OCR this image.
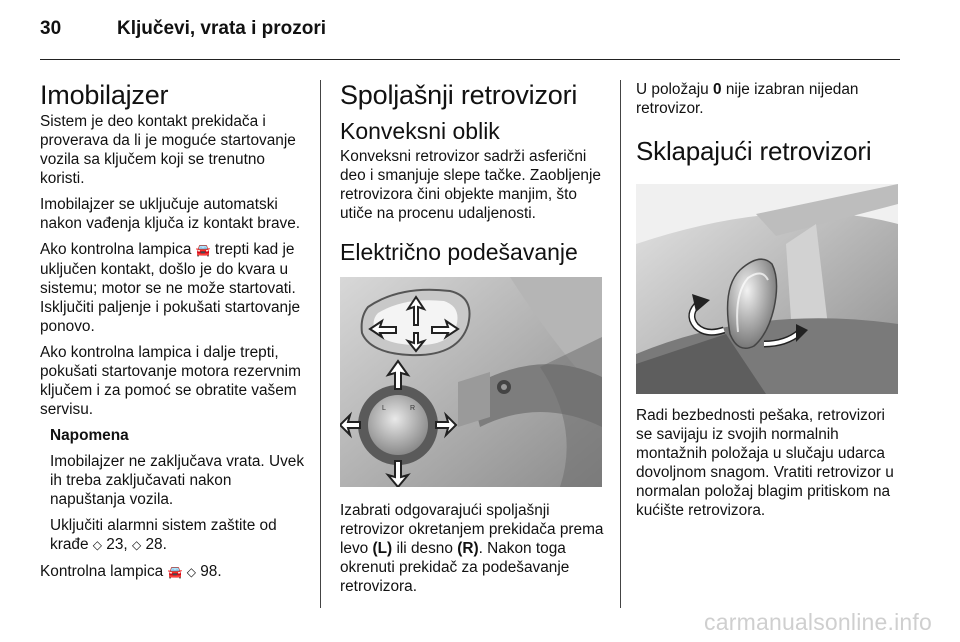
30	Ključevi, vrata i prozori
Imobilajzer

Sistem je deo kontakt prekidača i proverava da li je moguće startovanje vozila sa ključem koji se trenutno koristi.

Imobilajzer se uključuje automatski nakon vađenja ključa iz kontakt brave.

Ako kontrolna lampica 🚘 trepti kad je uključen kontakt, došlo je do kvara u sistemu; motor se ne može startovati. Isključiti paljenje i pokušati startovanje ponovo.

Ako kontrolna lampica i dalje trepti, pokušati startovanje motora rezervnim ključem i za pomoć se obratite vašem servisu.

Napomena

Imobilajzer ne zaključava vrata. Uvek ih treba zaključavati nakon napuštanja vozila.

Uključiti alarmni sistem zaštite od krađe ◇ 23, ◇ 28.

Kontrolna lampica 🚘 ◇ 98.

Spoljašnji retrovizori
Konveksni oblik

Konveksni retrovizor sadrži asferični deo i smanjuje slepe tačke. Zaobljenje retrovizora čini objekte manjim, što utiče na procenu udaljenosti.

Električno podešavanje
L	R

Izabrati odgovarajući spoljašnji retrovizor okretanjem prekidača prema levo (L) ili desno (R). Nakon toga okrenuti prekidač za podešavanje retrovizora.

U položaju 0 nije izabran nijedan retrovizor.

Sklapajući retrovizori

Radi bezbednosti pešaka, retrovizori se savijaju iz svojih normalnih montažnih položaja u slučaju udarca dovoljnom snagom. Vratiti retrovizor u normalan položaj blagim pritiskom na kućište retrovizora.

carmanualsonline.info
